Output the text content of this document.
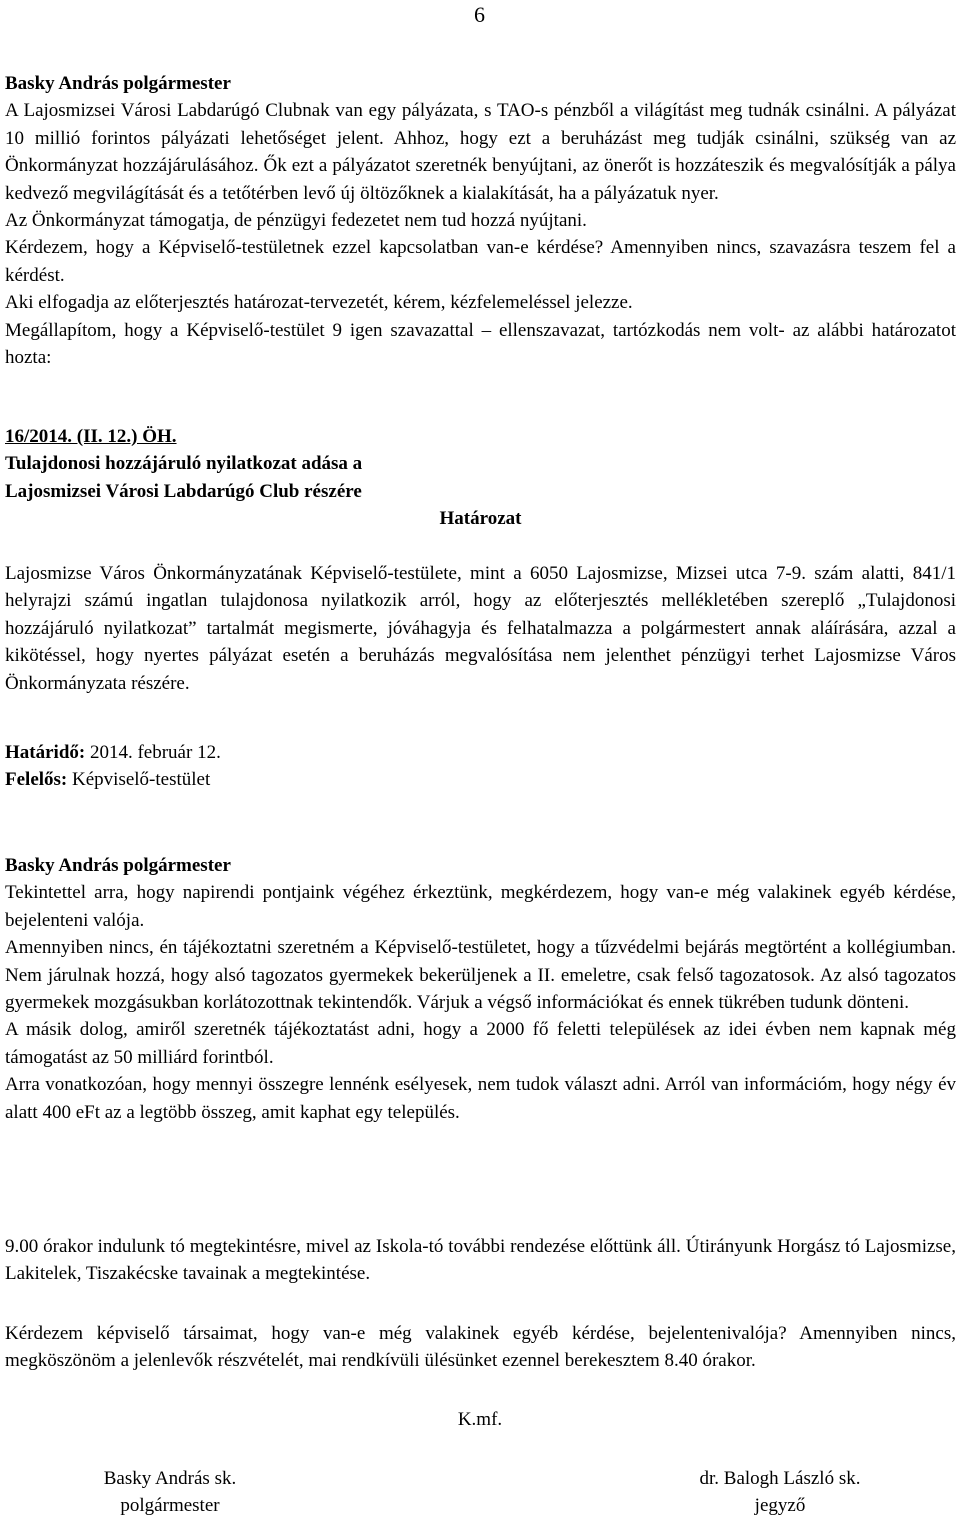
6

Basky András polgármester

A Lajosmizsei Városi Labdarúgó Clubnak van egy pályázata, s TAO-s pénzből a világítást meg tudnák csinálni. A pályázat 10 millió forintos pályázati lehetőséget jelent. Ahhoz, hogy ezt a beruházást meg tudják csinálni, szükség van az Önkormányzat hozzájárulásához. Ők ezt a pályázatot szeretnék benyújtani, az önerőt is hozzáteszik és megvalósítják a pálya kedvező megvilágítását és a tetőtérben levő új öltözőknek a kialakítását, ha a pályázatuk nyer.

Az Önkormányzat támogatja, de pénzügyi fedezetet nem tud hozzá nyújtani.

Kérdezem, hogy a Képviselő-testületnek ezzel kapcsolatban van-e kérdése? Amennyiben nincs, szavazásra teszem fel a kérdést.

Aki elfogadja az előterjesztés határozat-tervezetét, kérem, kézfelemeléssel jelezze.

Megállapítom, hogy a Képviselő-testület 9 igen szavazattal – ellenszavazat, tartózkodás nem volt- az alábbi határozatot hozta:

16/2014. (II. 12.) ÖH.

Tulajdonosi hozzájáruló nyilatkozat adása a

Lajosmizsei Városi Labdarúgó Club részére

Határozat

Lajosmizse Város Önkormányzatának Képviselő-testülete, mint a 6050 Lajosmizse, Mizsei utca 7-9. szám alatti, 841/1 helyrajzi számú ingatlan tulajdonosa nyilatkozik arról, hogy az előterjesztés mellékletében szereplő „Tulajdonosi hozzájáruló nyilatkozat” tartalmát megismerte, jóváhagyja és felhatalmazza a polgármestert annak aláírására, azzal a kikötéssel, hogy nyertes pályázat esetén a beruházás megvalósítása nem jelenthet pénzügyi terhet Lajosmizse Város Önkormányzata részére.

Határidő: 2014. február 12.

Felelős: Képviselő-testület

Basky András polgármester

Tekintettel arra, hogy napirendi pontjaink végéhez érkeztünk, megkérdezem, hogy van-e még valakinek egyéb kérdése, bejelenteni valója.

Amennyiben nincs, én tájékoztatni szeretném a Képviselő-testületet, hogy a tűzvédelmi bejárás megtörtént a kollégiumban. Nem járulnak hozzá, hogy alsó tagozatos gyermekek bekerüljenek a II. emeletre, csak felső tagozatosok. Az alsó tagozatos gyermekek mozgásukban korlátozottnak tekintendők. Várjuk a végső információkat és ennek tükrében tudunk dönteni.

A másik dolog, amiről szeretnék tájékoztatást adni, hogy a 2000 fő feletti települések az idei évben nem kapnak még támogatást az 50 milliárd forintból.

Arra vonatkozóan, hogy mennyi összegre lennénk esélyesek, nem tudok választ adni. Arról van információm, hogy négy év alatt 400 eFt az a legtöbb összeg, amit kaphat egy település.

9.00 órakor indulunk tó megtekintésre, mivel az Iskola-tó további rendezése előttünk áll. Útirányunk Horgász tó Lajosmizse, Lakitelek, Tiszakécske tavainak a megtekintése.

Kérdezem képviselő társaimat, hogy van-e még valakinek egyéb kérdése, bejelentenivalója? Amennyiben nincs, megköszönöm a jelenlevők részvételét, mai rendkívüli ülésünket ezennel berekesztem 8.40 órakor.

K.mf.
Basky András sk.
polgármester
dr. Balogh László sk.
jegyző
